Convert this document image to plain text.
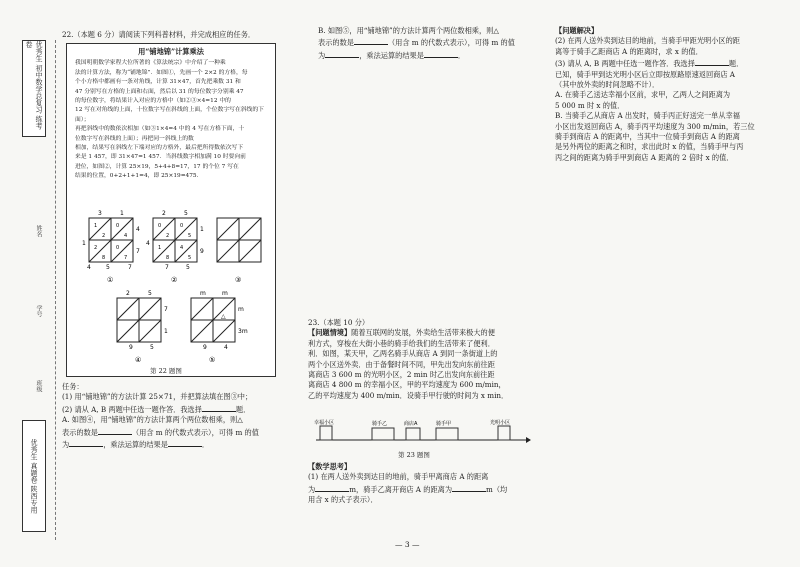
优秀生 初中数学总复习 练考卷
姓名
学号
班级
优秀生 真题卷 陕西专用
22.（本题 6 分）请阅读下列科普材料，并完成相应的任务．
用“铺地锦”计算乘法
我国明朝数学家程大位所著的《算法统宗》中介绍了一种乘
法的计算方法，称为“铺地锦”．如图①，先画一个 2×2 的方格，每
个小方格中都画有一条对角线，计算 31×47，首先把乘数 31 和
47 分别写在方格的上面和右面，然后以 31 的每位数字分别乘 47
的每位数字，将结果计入对应的方格中（如②③×4=12 中的
12 写在对角线的上面，十位数字写在斜线的上面，个位数字写在斜线的下面）；
再把斜线中的数依次相加（如③1×4=4 中的 4 写在方格下面，十
位数字写在斜线的上面）；再把同一斜线上的数
相加，结果写在斜线左下端对应的方格外，最后把所得数依次写下
来是 1 457，即 31×47=1 457．当斜线数字相加满 10 时要向前
进位，如图②，计算 25×19，5+4+8=17，17 的个位 7 写在
结果的位置，0+2+1+1=4，即 25×19=475．
3	1
4
7
1
2
0
4
2
8
0
7
1
4	5	7
①
2	5
1
9
0
2
0
5
1
8
4
5
4
7	5
②	③
2	5
7
1
9	5
④
m	m
m
3m
△
9	4
⑤
第 22 题图
任务：
(1) 用“铺地锦”的方法计算 25×71，并把算法填在图③中；
(2) 请从 A, B 两题中任选一题作答．我选择	题．
A. 如图④，用“铺地锦”的方法计算两个两位数相乘，则△
表示的数是	（用含 m 的代数式表示），可得 m 的值
为	，乘法运算的结果是	．
B. 如图⑤，用“铺地锦”的方法计算两个两位数相乘，则△
表示的数是	（用含 m 的代数式表示），可得 m 的值
为	，乘法运算的结果是	．
23.（本题 10 分）
【问题情境】随着互联网的发展，外卖给生活带来极大的便
利方式，穿梭在大街小巷的骑手给我们的生活带来了便利．
利．如图，某天甲，乙两名骑手从商店 A 到同一条街道上的
两个小区送外卖．由于备餐时间不同，甲先出发向东前往距
离商店 3 600 m 的光明小区，2 min 时乙出发向东前往距
离商店 4 800 m 的幸福小区，甲的平均速度为 600 m/min，
乙的平均速度为 400 m/min．设骑手甲行驶的时间为 x min．
幸福小区	骑手乙	商店A	骑手甲	光明小区
第 23 题图
【数学思考】
(1) 在两人送外卖到达目的地前，骑手甲离商店 A 的距离
为	m，骑手乙离开商店 A 的距离为	m（均
用含 x 的式子表示）．
【问题解决】
(2) 在两人送外卖到达目的地前，当骑手甲距光明小区的距
离等于骑手乙距商店 A 的距离时，求 x 的值．
(3) 请从 A, B 两题中任选一题作答．我选择	题．
已知，骑手甲到达光明小区后立即按原路原速返回商店 A
（其中放外卖的时间忽略不计）．
A. 在骑手乙送达幸福小区前，求甲，乙两人之间距离为
5 000 m 时 x 的值．
B. 当骑手乙从商店 A 出发时，骑手丙正好送完一单从幸福
小区出发返回商店 A，骑手丙平均速度为 300 m/min，若三位
骑手到商店 A 的距离中，当其中一位骑手到商店 A 的距离
是另外两位的距离之和时，求出此时 x 的值，当骑手甲与丙
丙之间的距离为骑手甲到商店 A 距离的 2 倍时 x 的值．
— 3 —
